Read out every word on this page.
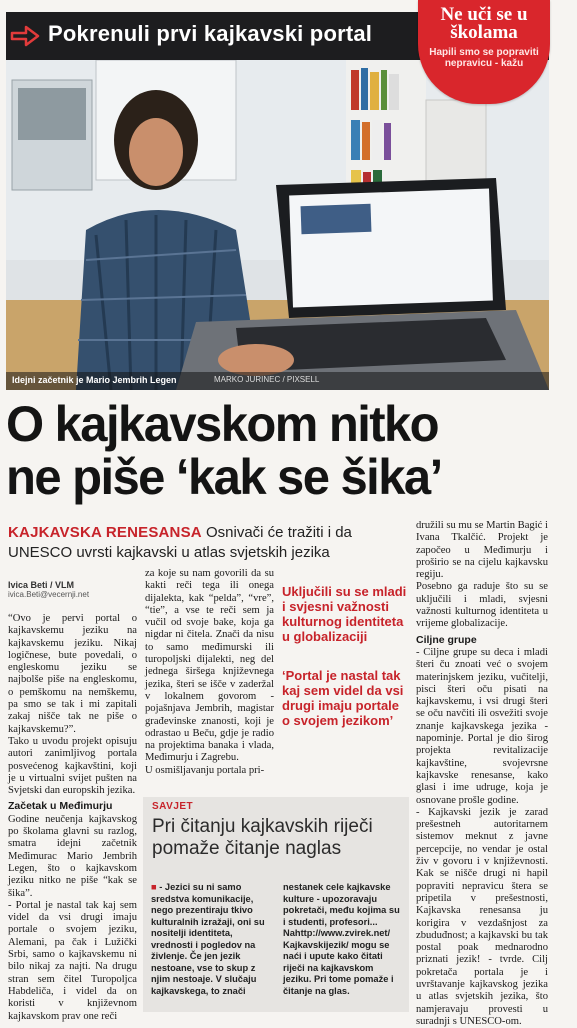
Idejni začetnik je Mario Jembrih Legen	MARKO JURINEC / PIXSELL
Pokrenuli prvi kajkavski portal
Ne uči se u školama
Hapili smo se popraviti nepravicu - kažu
O kajkavskom nitko
ne piše ‘kak se šika’
KAJKAVSKA RENESANSA Osnivači će tražiti i da UNESCO uvrsti kajkavski u atlas svjetskih jezika
Ivica Beti / VLM
ivica.Beti@vecernji.net

“Ovo je pervi portal o kajkavskemu jeziku na kajkavskemu jeziku. Nikaj logičnese, bute povedali, o engleskomu jeziku se najbolše piše na engleskomu, o pemškomu na nemškemu, pa smo se tak i mi zapitali zakaj nišče tak ne piše o kajkavskemu?”.

Tako u uvodu projekt opisuju autori zanimljivog portala posvećenog kajkavštini, koji je u virtualni svijet pušten na Svjetski dan europskih jezika.

Začetak u Međimurju

Godine neučenja kajkavskog po školama glavni su razlog, smatra idejni začetnik Međimurac Mario Jembrih Legen, što o kajkavskom jeziku nitko ne piše “kak se šika”.

- Portal je nastal tak kaj sem videl da vsi drugi imaju portale o svojem jeziku, Alemani, pa čak i Lužički Srbi, samo o kajkavskemu ni bilo nikaj za najti. Na drugu stran sem čitel Turopoljca Habdeliča, i videl da on koristi v književnom kajkavskom prav one reči

za koje su nam govorili da su kakti reči tega ili onega dijalekta, kak “pelda”, “vre”, “tie”, a vse te reči sem ja vučil od svoje bake, koja ga nigdar ni čitela. Znači da nisu to samo međimurski ili turopoljski dijalekti, neg del jednega širšega književnega jezika, šteri se išče v zaderžal v lokalnem govorom - pojašnjava Jembrih, magistar građevinske znanosti, koji je odrastao u Beču, gdje je radio na projektima banaka i vlada, Međimurju i Zagrebu.

U osmišljavanju portala pri-

Uključili su se mladi i svjesni važnosti kulturnog identiteta u globalizaciji
‘Portal je nastal tak kaj sem videl da vsi drugi imaju portale o svojem jezikom’

družili su mu se Martin Bagić i Ivana Tkalčić. Projekt je započeo u Međimurju i proširio se na cijelu kajkavsku regiju.

Posebno ga raduje što su se uključili i mladi, svjesni važnosti kulturnog identiteta u vrijeme globalizacije.

Ciljne grupe

- Ciljne grupe su deca i mladi šteri ču znoati već o svojem materinjskem jeziku, vučitelji, pisci šteri oču pisati na kajkavskemu, i vsi drugi šteri se oču navčiti ili osvežiti svoje znanje kajkavskega jezika - napominje. Portal je dio širog projekta revitalizacije kajkavštine, svojevrsne kajkavske renesanse, kako glasi i ime udruge, koja je osnovane prošle godine.

- Kajkavski jezik je zarad prešestneh autoritarnem sistemov meknut z javne percepcije, no vendar je ostal živ v govoru i v književnosti. Kak se nišče drugi ni hapil popraviti nepravicu štera se pripetila v prešestnosti, Kajkavska renesansa ju korigira v vezdašnjost za zbuduđnost; a kajkavski bu tak postal poak mednarodno priznati jezik! - tvrde. Cilj pokretača portala je i uvrštavanje kajkavskog jezika u atlas svjetskih jezika, što namjeravaju provesti u suradnji s UNESCO-om.

SAVJET
Pri čitanju kajkavskih riječi pomaže čitanje naglas
■ - Jezici su ni samo sredstva komunikacije, nego prezentiraju tkivo kulturalnih izražaji, oni su nositelji identiteta, vrednosti i pogledov na živlenje. Če jen jezik nestoane, vse to skup z njim nestoaje. V slučaju kajkavskega, to znači
nestanek cele kajkavske kulture - upozoravaju pokretači, među kojima su i studenti, profesori... Nahttp://www.zvirek.net/ Kajkavskijezik/ mogu se naći i upute kako čitati riječi na kajkavskom jeziku. Pri tome pomaže i čitanje na glas.
